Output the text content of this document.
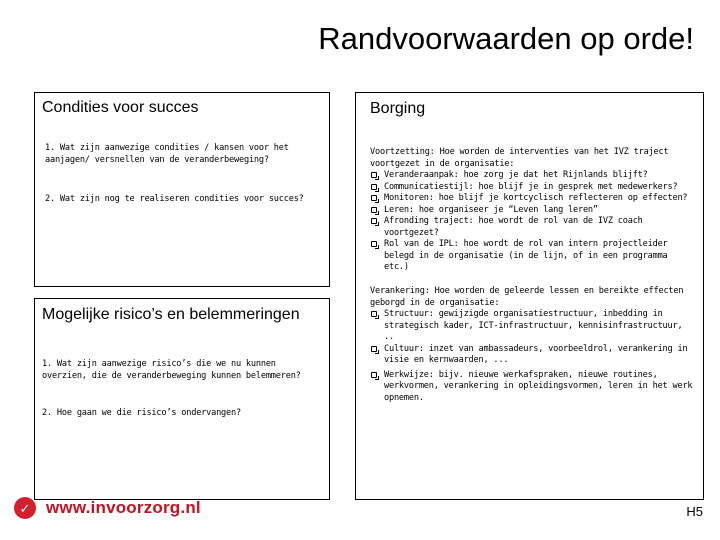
Randvoorwaarden op orde!
Condities voor succes
1. Wat zijn aanwezige condities / kansen voor het aanjagen/ versnellen van de veranderbeweging?
2. Wat zijn nog te realiseren condities voor succes?
Mogelijke risico’s en belemmeringen
1. Wat zijn aanwezige risico’s die we nu kunnen overzien, die de veranderbeweging kunnen belemmeren?
2. Hoe gaan we die risico’s ondervangen?
Borging
Voortzetting: Hoe worden de interventies van het IVZ traject voortgezet in de organisatie:
Veranderaanpak: hoe zorg je dat het Rijnlands blijft?
Communicatiestijl: hoe blijf je in gesprek met medewerkers?
Monitoren: hoe blijf je kortcyclisch reflecteren op effecten?
Leren: hoe organiseer je “Leven lang leren”
Afronding traject: hoe wordt de rol van de IVZ coach voortgezet?
Rol van de IPL: hoe wordt de rol van intern projectleider belegd in de organisatie (in de lijn, of in een programma etc.)
Verankering: Hoe worden de geleerde lessen en bereikte effecten geborgd in de organisatie:
Structuur: gewijzigde organisatiestructuur, inbedding in strategisch kader, ICT-infrastructuur, kennisinfrastructuur, ..
Cultuur: inzet van ambassadeurs, voorbeeldrol, verankering in visie en kernwaarden, ...
Werkwijze: bijv. nieuwe werkafspraken, nieuwe routines, werkvormen, verankering in opleidingsvormen, leren in het werk opnemen.
✓ www.invoorzorg.nl	H5
